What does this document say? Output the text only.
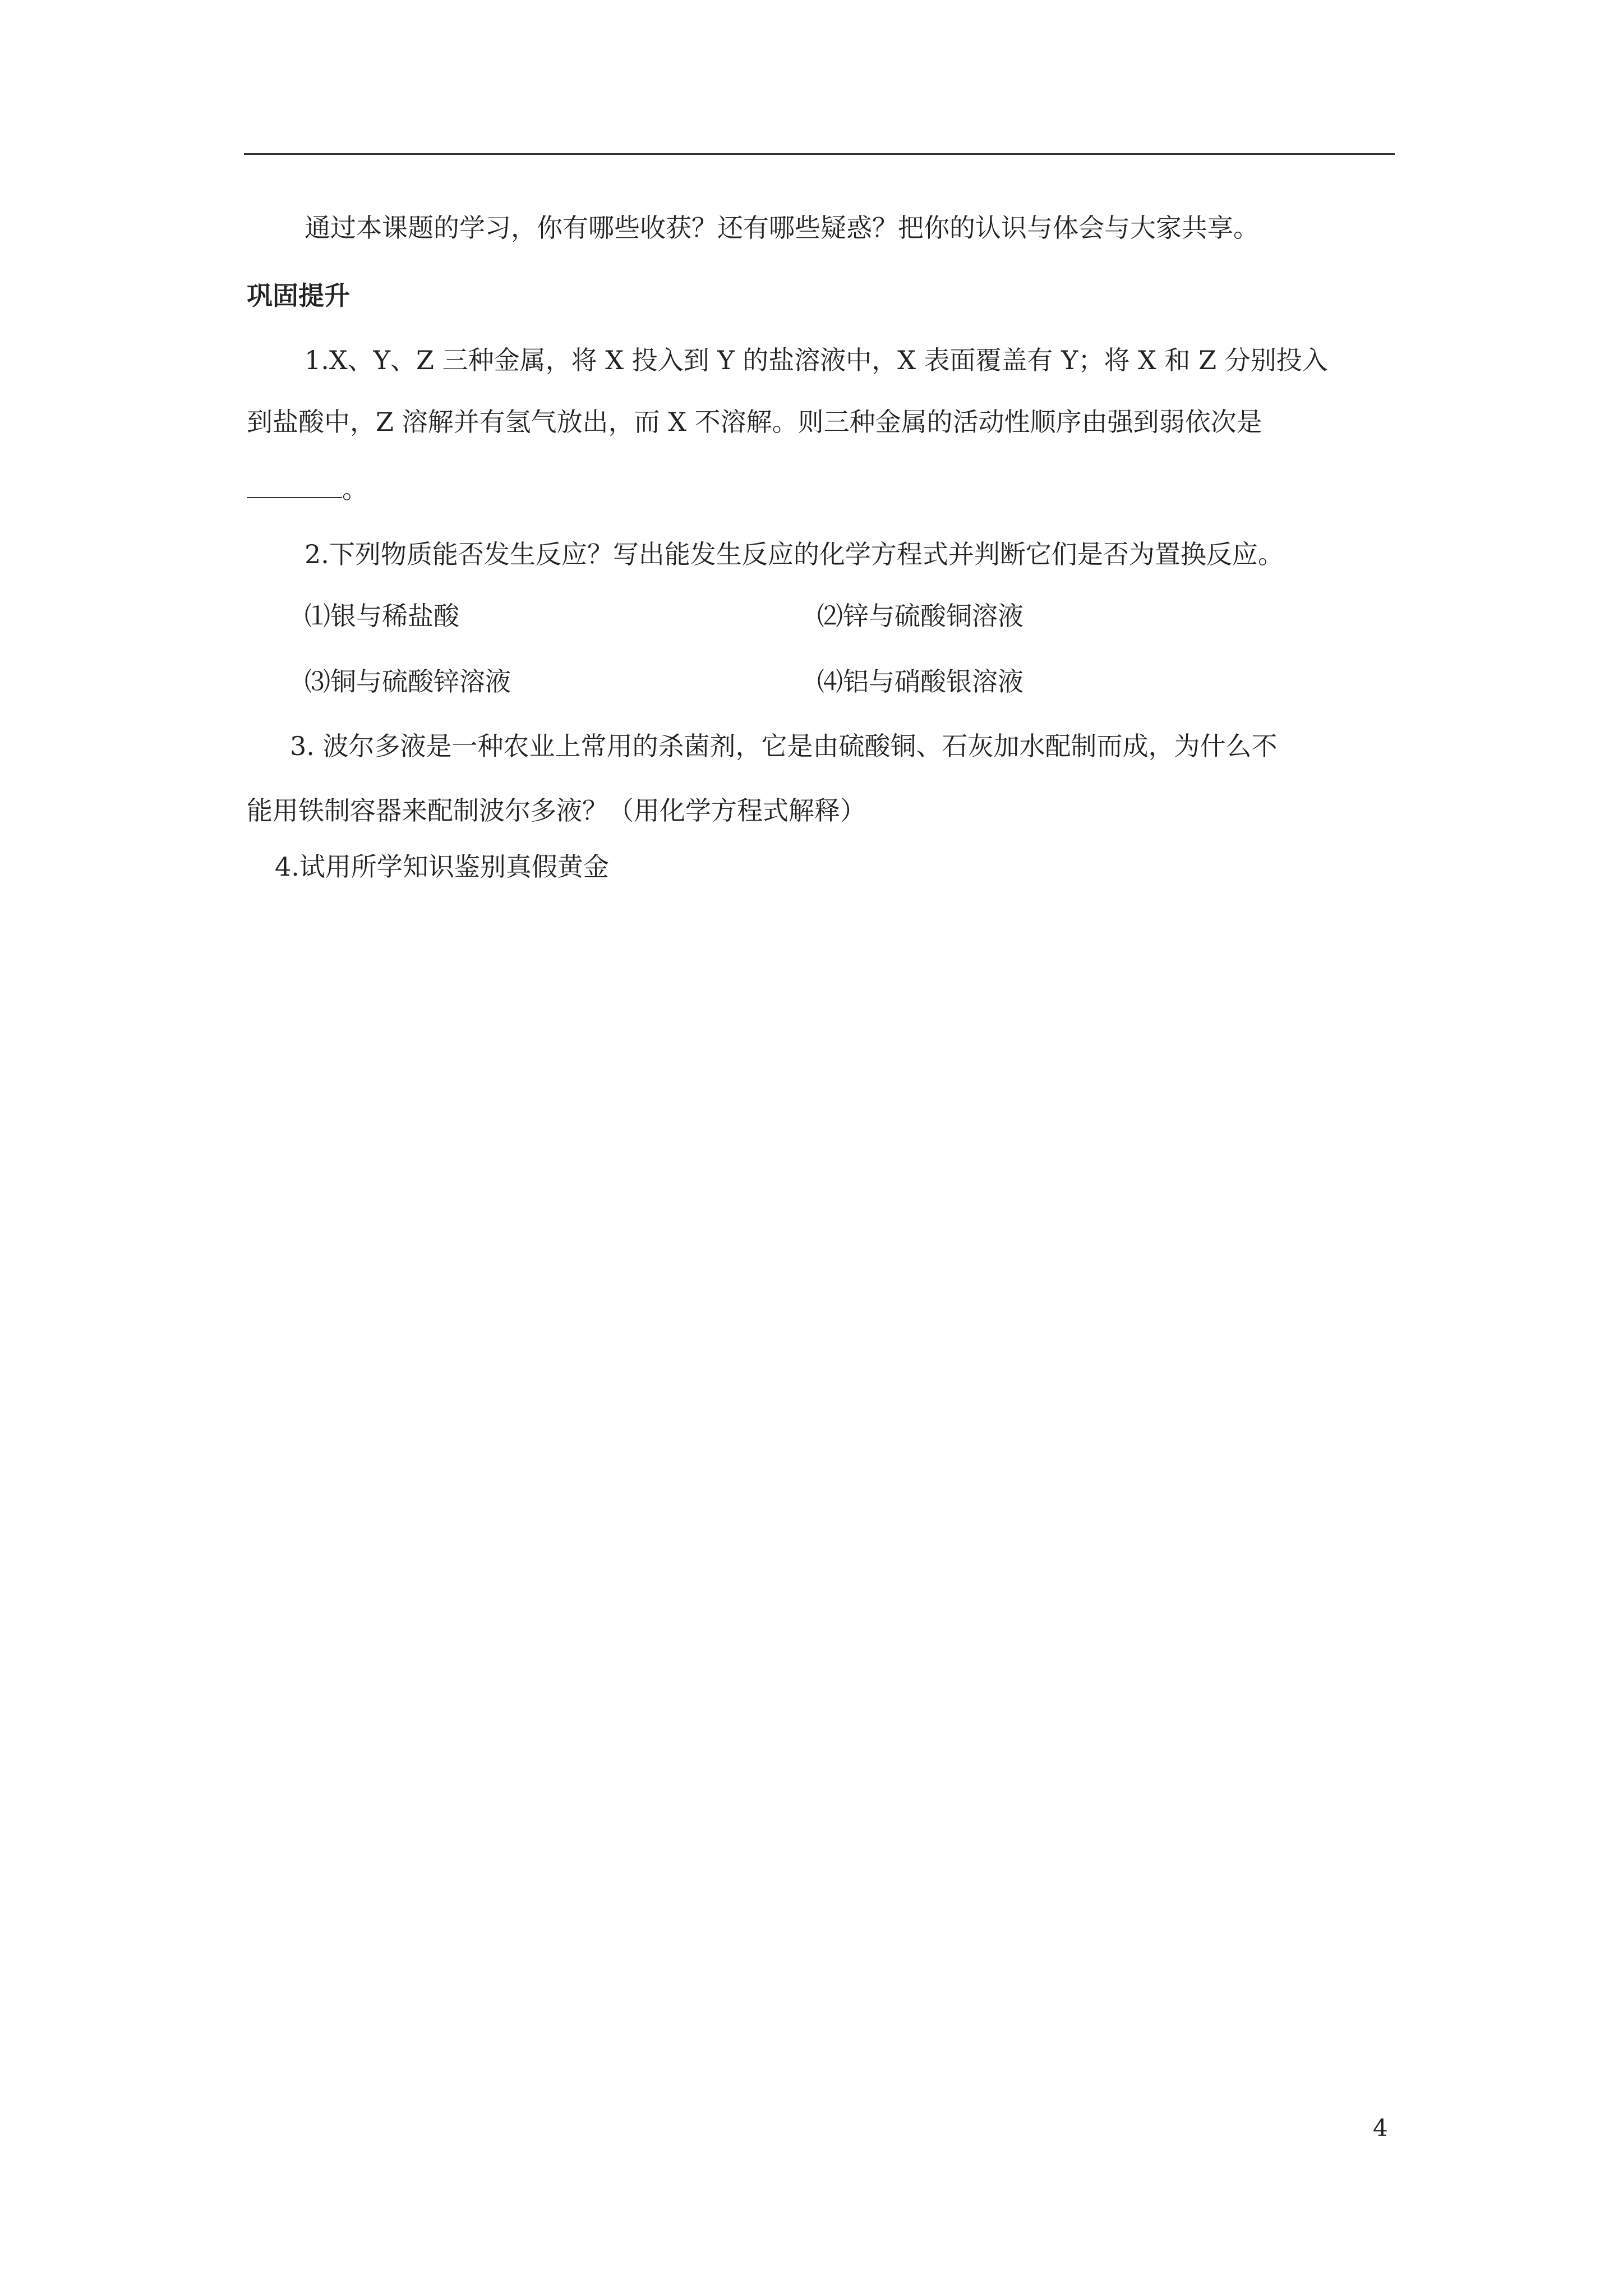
通过本课题的学习，你有哪些收获？还有哪些疑惑？把你的认识与体会与大家共享。
巩固提升
1.X、Y、Z 三种金属，将 X 投入到 Y 的盐溶液中，X 表面覆盖有 Y；将 X 和 Z 分别投入
到盐酸中，Z 溶解并有氢气放出，而 X 不溶解。则三种金属的活动性顺序由强到弱依次是
。
2.下列物质能否发生反应？写出能发生反应的化学方程式并判断它们是否为置换反应。
⑴银与稀盐酸	⑵锌与硫酸铜溶液
⑶铜与硫酸锌溶液	⑷铝与硝酸银溶液
3. 波尔多液是一种农业上常用的杀菌剂，它是由硫酸铜、石灰加水配制而成，为什么不
能用铁制容器来配制波尔多液？（用化学方程式解释）
4.试用所学知识鉴别真假黄金
4
